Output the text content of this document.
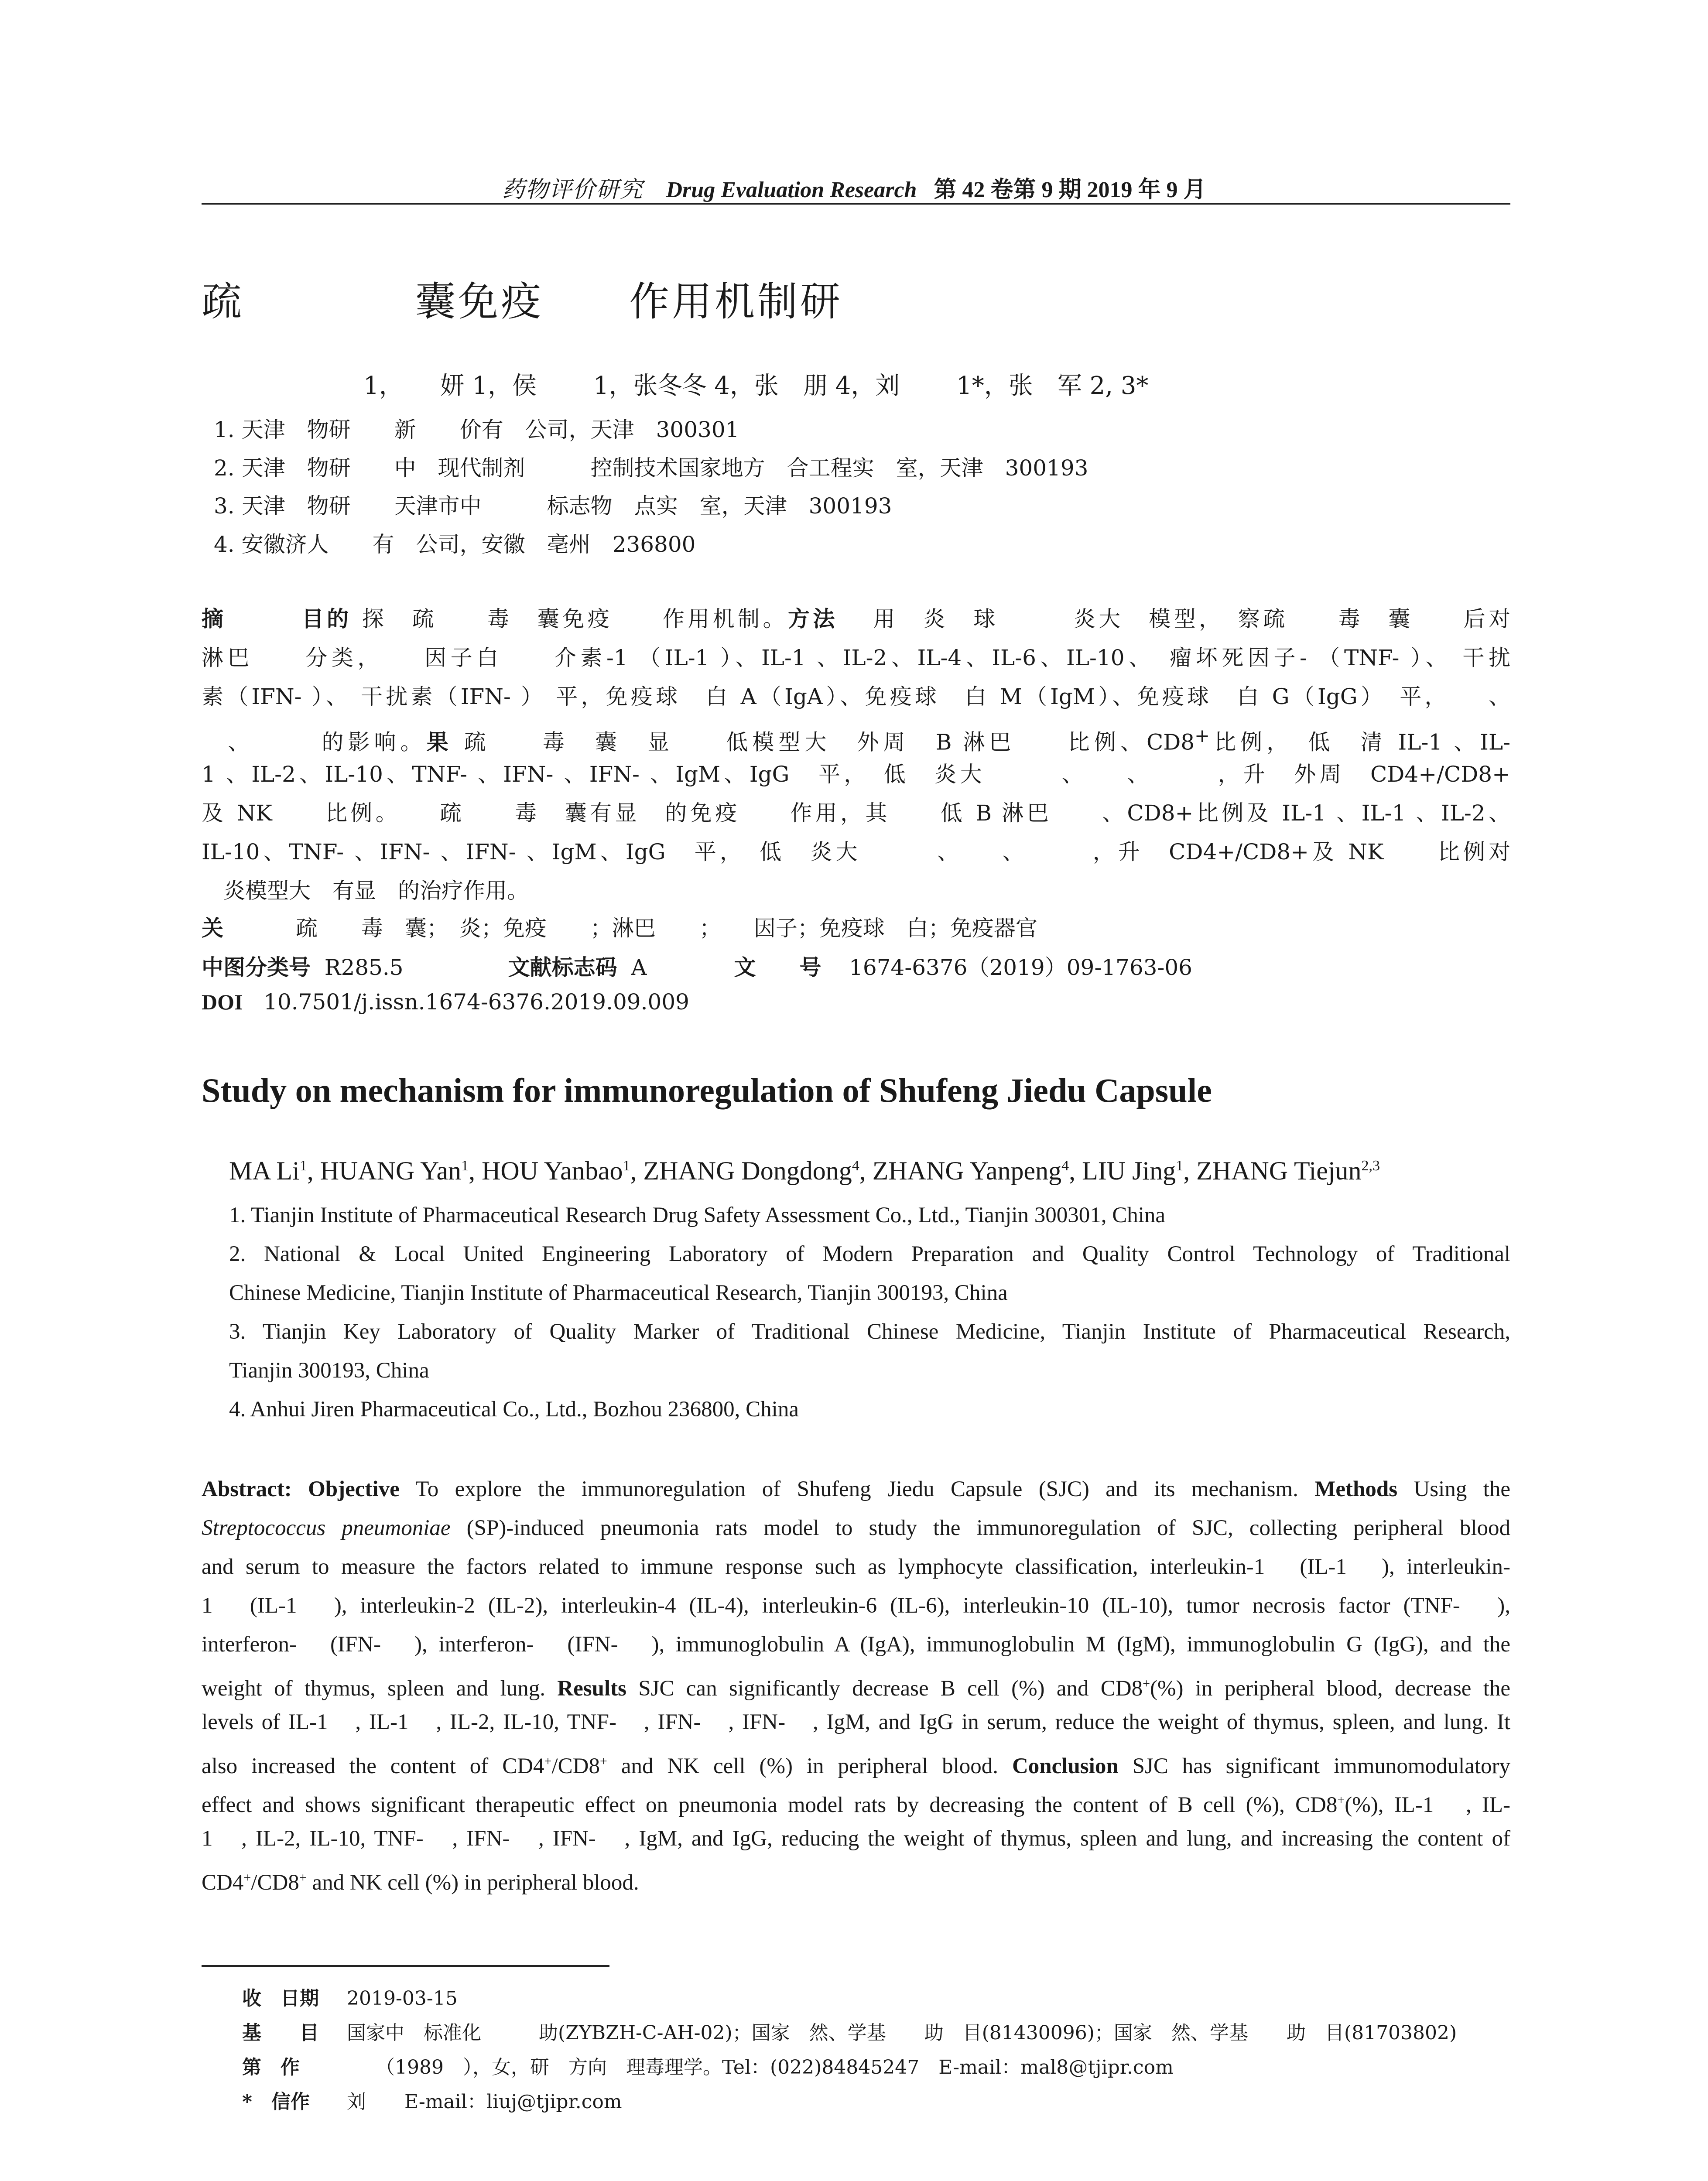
药物评价研究 Drug Evaluation Research 第 42 卷第 9 期 2019 年 9 月
疏　　　　囊免疫　　作用机制研
　　　1，　　妍 1，侯　　 1，张冬冬 4，张　朋 4，刘　　 1*，张　军 2, 3*
1. 天津　物研　　新　　价有　公司，天津　300301
2. 天津　物研　　中　现代制剂　　　控制技术国家地方　合工程实　室，天津　300193
3. 天津　物研　　天津市中　　　标志物　点实　室，天津　300193
4. 安徽济人　　有　公司，安徽　亳州　236800
摘　　　目的 探　疏　　毒　囊免疫　　作用机制。方法 　用　炎　球　　　炎大　模型，　察疏　　毒　囊　　后对
淋巴　　分类，　　因子白　　介素-1 （IL-1 ）、IL-1 、IL-2、IL-4、IL-6、IL-10、　瘤坏死因子- （TNF- ）、 干扰
素（IFN- ）、 干扰素（IFN- ） 平，免疫球　白 A（IgA）、免疫球　白 M（IgM）、免疫球　白 G（IgG）　平，　　、
　、　　　的影响。果 疏　　毒　囊　显　　低模型大　外周　B 淋巴　　比例、CD8+比例，　低　清 IL-1 、IL-
1 、IL-2、IL-10、TNF- 、IFN- 、IFN- 、IgM、IgG　平，　低　炎大　　　、　　、　　　，升　外周　CD4+/CD8+
及 NK　　比例。　　疏　　毒　囊有显　的免疫　　作用，其　　低 B 淋巴　　、CD8+比例及 IL-1 、IL-1 、IL-2、
IL-10、TNF- 、IFN- 、IFN- 、IgM、IgG　平，　低　炎大　　　、　　、　　　，升　CD4+/CD8+及 NK　　比例对
　炎模型大　有显　的治疗作用。
关　　　 疏　　毒　囊；　炎；免疫　　；淋巴　　；　　因子；免疫球　白；免疫器官
中图分类号 R285.5	文献标志码 A	文　　号 1674-6376（2019）09-1763-06
DOI 10.7501/j.issn.1674-6376.2019.09.009
Study on mechanism for immunoregulation of Shufeng Jiedu Capsule
MA Li$^1$, HUANG Yan$^1$, HOU Yanbao$^1$, ZHANG Dongdong$^4$, ZHANG Yanpeng$^4$, LIU Jing$^1$, ZHANG Tiejun$^{2,3}$
1. Tianjin Institute of Pharmaceutical Research Drug Safety Assessment Co., Ltd., Tianjin 300301, China
2. National & Local United Engineering Laboratory of Modern Preparation and Quality Control Technology of Traditional
Chinese Medicine, Tianjin Institute of Pharmaceutical Research, Tianjin 300193, China
3. Tianjin Key Laboratory of Quality Marker of Traditional Chinese Medicine, Tianjin Institute of Pharmaceutical Research,
Tianjin 300193, China
4. Anhui Jiren Pharmaceutical Co., Ltd., Bozhou 236800, China
Abstract: Objective To explore the immunoregulation of Shufeng Jiedu Capsule (SJC) and its mechanism. Methods Using the
Streptococcus pneumoniae (SP)-induced pneumonia rats model to study the immunoregulation of SJC, collecting peripheral blood
and serum to measure the factors related to immune response such as lymphocyte classification, interleukin-1　(IL-1　), interleukin-
1　(IL-1　), interleukin-2 (IL-2), interleukin-4 (IL-4), interleukin-6 (IL-6), interleukin-10 (IL-10), tumor necrosis factor (TNF-　),
interferon-　(IFN-　), interferon-　(IFN-　), immunoglobulin A (IgA), immunoglobulin M (IgM), immunoglobulin G (IgG), and the
weight of thymus, spleen and lung. Results SJC can significantly decrease B cell (%) and CD8+(%) in peripheral blood, decrease the
levels of IL-1　, IL-1　, IL-2, IL-10, TNF-　, IFN-　, IFN-　, IgM, and IgG in serum, reduce the weight of thymus, spleen, and lung. It
also increased the content of CD4+/CD8+ and NK cell (%) in peripheral blood. Conclusion SJC has significant immunomodulatory
effect and shows significant therapeutic effect on pneumonia model rats by decreasing the content of B cell (%), CD8+(%), IL-1　, IL-
1　, IL-2, IL-10, TNF-　, IFN-　, IFN-　, IgM, and IgG, reducing the weight of thymus, spleen and lung, and increasing the content of
CD4+/CD8+ and NK cell (%) in peripheral blood.
收　日期 2019-03-15
基　　目 国家中　标准化　　　助(ZYBZH-C-AH-02)；国家　然、学基　　助　目(81430096)；国家　然、学基　　助　目(81703802)
第　作　　　（1989　），女，研　方向　理毒理学。Tel：(022)84845247　E-mail：mal8@tjipr.com
*　信作　刘　　E-mail：liuj@tjipr.com
